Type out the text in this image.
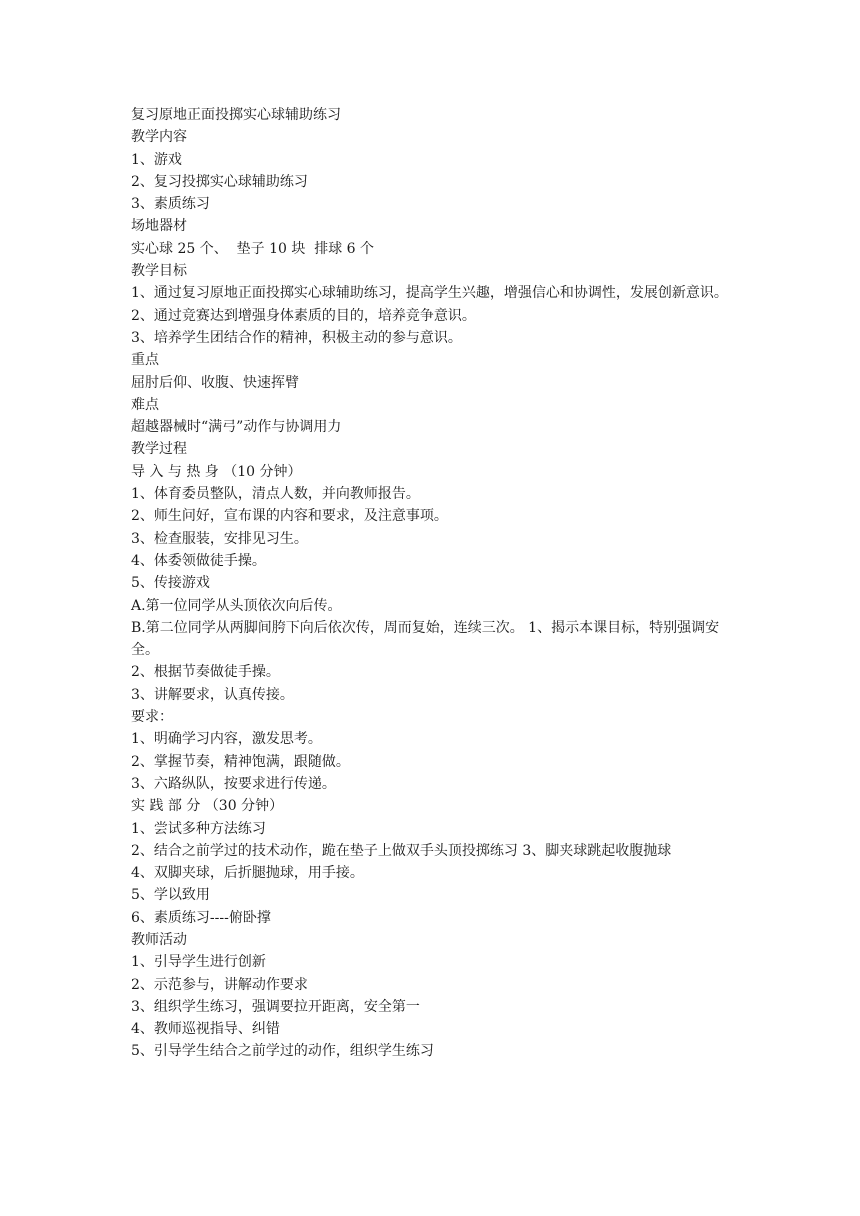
复习原地正面投掷实心球辅助练习
教学内容
1、游戏
2、复习投掷实心球辅助练习
3、素质练习
场地器材
实心球 25 个、  垫子 10 块  排球 6 个
教学目标
1、通过复习原地正面投掷实心球辅助练习，提高学生兴趣，增强信心和协调性，发展创新意识。
2、通过竞赛达到增强身体素质的目的，培养竞争意识。
3、培养学生团结合作的精神，积极主动的参与意识。
重点
屈肘后仰、收腹、快速挥臂
难点
超越器械时“满弓”动作与协调用力
教学过程
导 入 与 热 身 （10 分钟）
1、体育委员整队，清点人数，并向教师报告。
2、师生问好，宣布课的内容和要求，及注意事项。
3、检查服装，安排见习生。
4、体委领做徒手操。
5、传接游戏
A.第一位同学从头顶依次向后传。
B.第二位同学从两脚间胯下向后依次传，周而复始，连续三次。 1、揭示本课目标，特别强调安全。
2、根据节奏做徒手操。
3、讲解要求，认真传接。
要求：
1、明确学习内容，激发思考。
2、掌握节奏，精神饱满，跟随做。
3、六路纵队，按要求进行传递。
实 践 部 分 （30 分钟）
1、尝试多种方法练习
2、结合之前学过的技术动作，跪在垫子上做双手头顶投掷练习 3、脚夹球跳起收腹抛球
4、双脚夹球，后折腿抛球，用手接。
5、学以致用
6、素质练习----俯卧撑
教师活动
1、引导学生进行创新
2、示范参与，讲解动作要求
3、组织学生练习，强调要拉开距离，安全第一
4、教师巡视指导、纠错
5、引导学生结合之前学过的动作，组织学生练习
